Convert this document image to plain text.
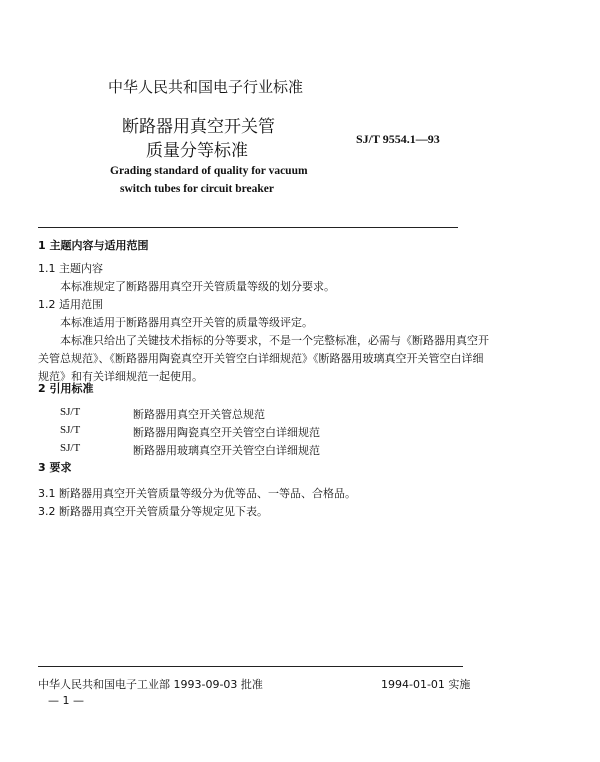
中华人民共和国电子行业标准
断路器用真空开关管
质量分等标准
SJ/T 9554.1—93
Grading standard of quality for vacuum
switch tubes for circuit breaker
1 主题内容与适用范围
1.1 主题内容
本标准规定了断路器用真空开关管质量等级的划分要求。
1.2 适用范围
本标准适用于断路器用真空开关管的质量等级评定。
本标准只给出了关键技术指标的分等要求，不是一个完整标准，必需与《断路器用真空开
关管总规范》、《断路器用陶瓷真空开关管空白详细规范》《断路器用玻璃真空开关管空白详细
规范》和有关详细规范一起使用。
2 引用标准
SJ/T	断路器用真空开关管总规范
SJ/T	断路器用陶瓷真空开关管空白详细规范
SJ/T	断路器用玻璃真空开关管空白详细规范
3 要求
3.1 断路器用真空开关管质量等级分为优等品、一等品、合格品。
3.2 断路器用真空开关管质量分等规定见下表。
中华人民共和国电子工业部 1993-09-03 批准	1994-01-01 实施
— 1 —
